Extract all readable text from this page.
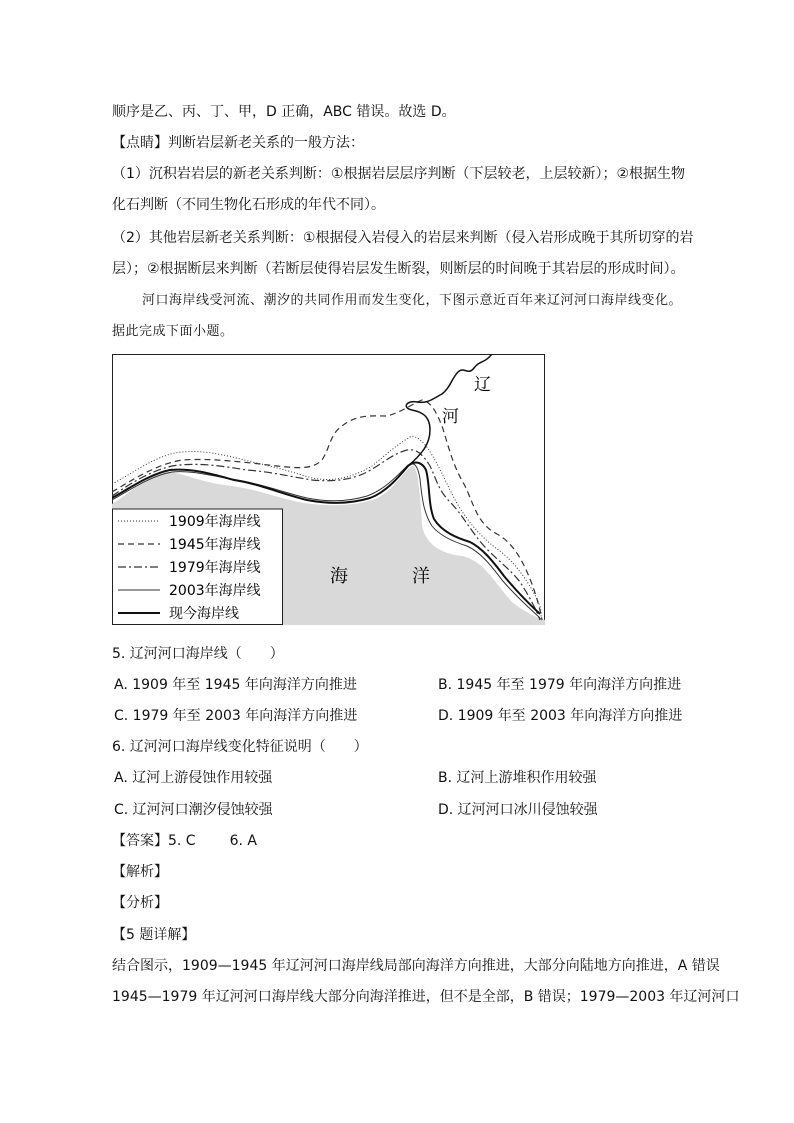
顺序是乙、丙、丁、甲，D 正确，ABC 错误。故选 D。
【点睛】判断岩层新老关系的一般方法：
（1）沉积岩岩层的新老关系判断：①根据岩层层序判断（下层较老，上层较新）；②根据生物
化石判断（不同生物化石形成的年代不同）。
（2）其他岩层新老关系判断：①根据侵入岩侵入的岩层来判断（侵入岩形成晚于其所切穿的岩
层）；②根据断层来判断（若断层使得岩层发生断裂，则断层的时间晚于其岩层的形成时间）。
河口海岸线受河流、潮汐的共同作用而发生变化，下图示意近百年来辽河河口海岸线变化。
据此完成下面小题。
辽
河
海	洋
1909年海岸线
1945年海岸线
1979年海岸线
2003年海岸线
现今海岸线
5. 辽河河口海岸线（　　）
A. 1909 年至 1945 年向海洋方向推进	B. 1945 年至 1979 年向海洋方向推进
C. 1979 年至 2003 年向海洋方向推进	D. 1909 年至 2003 年向海洋方向推进
6. 辽河河口海岸线变化特征说明（　　）
A. 辽河上游侵蚀作用较强	B. 辽河上游堆积作用较强
C. 辽河河口潮汐侵蚀较强	D. 辽河河口冰川侵蚀较强
【答案】5. C 6. A
【解析】
【分析】
【5 题详解】
结合图示，1909—1945 年辽河河口海岸线局部向海洋方向推进，大部分向陆地方向推进，A 错误
1945—1979 年辽河河口海岸线大部分向海洋推进，但不是全部，B 错误；1979—2003 年辽河河口
